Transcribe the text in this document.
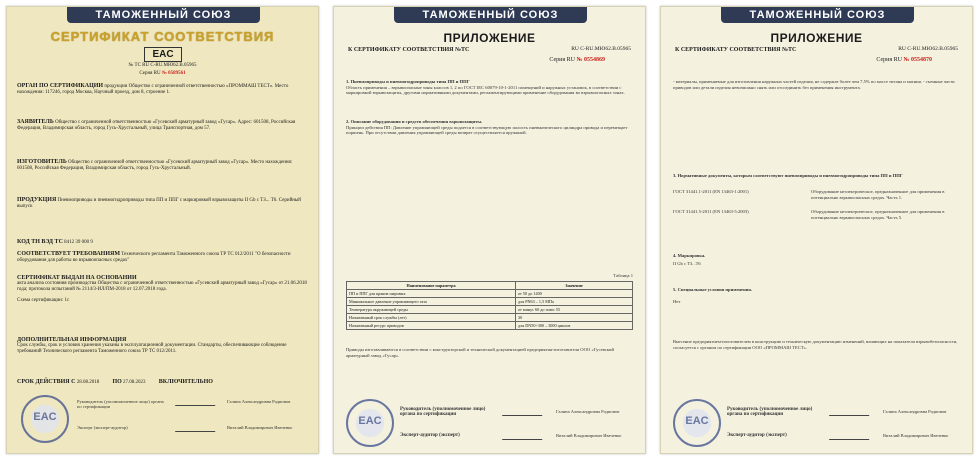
ТАМОЖЕННЫЙ СОЮЗ
СЕРТИФИКАТ СООТВЕТСТВИЯ
EAC
№ ТС RU С-RU.МЮ62.В.05965
Серия RU № 0589561
ОРГАН ПО СЕРТИФИКАЦИИ продукции Общество с ограниченной ответственностью «ПРОММАШ ТЕСТ». Место нахождения: 117246, город Москва, Научный проезд, дом 8, строение 1.
ЗАЯВИТЕЛЬ Общество с ограниченной ответственностью «Гусевский арматурный завод «Гусар». Адрес: 601508, Российская Федерация, Владимирская область, город Гусь-Хрустальный, улица Транспортная, дом 57.
ИЗГОТОВИТЕЛЬ Общество с ограниченной ответственностью «Гусевский арматурный завод «Гусар». Место нахождения: 601508, Российская Федерация, Владимирская область, город Гусь-Хрустальный.
ПРОДУКЦИЯ Пневмоприводы и пневмогидроприводы типа ПП и ППГ с маркировкой взрывозащиты II Gb с ТЗ... Т6. Серийный выпуск
КОД ТН ВЭД ТС 8412 39 000 9
СООТВЕТСТВУЕТ ТРЕБОВАНИЯМ Технического регламента Таможенного союза ТР ТС 012/2011 "О безопасности оборудования для работы во взрывоопасных средах"
СЕРТИФИКАТ ВЫДАН НА ОСНОВАНИИ
акта анализа состояния производства Общества с ограниченной ответственностью «Гусевский арматурный завод «Гусар» от 21.06.2018 года; протокола испытаний № 2114/3-ИЛ/ПМ-2018 от 12.07.2018 года.
Схема сертификации: 1с
ДОПОЛНИТЕЛЬНАЯ ИНФОРМАЦИЯ
Срок службы, срок и условия хранения указаны в эксплуатационной документации. Стандарты, обеспечивающие соблюдение требований Технического регламента Таможенного союза ТР ТС 012/2011.
СРОК ДЕЙСТВИЯ С 28.08.2018 ПО 27.08.2023 ВКЛЮЧИТЕЛЬНО
EAC
Руководитель (уполномоченное лицо) органа по сертификации
Галина Александровна Родионов
Эксперт (эксперт-аудитор)	Виталий Владимирович Ивеченко
ТАМОЖЕННЫЙ СОЮЗ
ПРИЛОЖЕНИЕ
К СЕРТИФИКАТУ СООТВЕТСТВИЯ №ТС	RU С-RU.МЮ62.В.05965
Серия RU № 0554869
1. Пневмоприводы и пневмогидроприводы типа ПП и ППГ
Область применения – взрывоопасные зоны классов 1, 2 по ГОСТ IEC 60079-10-1-2011 помещений и наружных установок, в соответствии с маркировкой взрывозащиты, другими нормативными документами, регламентирующими применение оборудования во взрывоопасных зонах.
2. Описание оборудования и средств обеспечения взрывозащиты.
Принцип действия ПП: Давление управляющей среды подается в соответствующую полость пневматического цилиндра привода и перемещает поршень. При отсутствии давления управляющей среды возврат осуществляется пружиной.
Таблица 1
Наименование параметра	Значение
ПП и ППГ для кранов шаровых	от 50 до 1400
Минимальное давление управляющего газа	для PN63 – 1,5 МПа
Температура окружающей среды	от минус 60 до плюс 55
Назначенный срок службы (лет)	30
Назначенный ресурс приводов	для DN50÷300 – 3000 циклов
Приводы изготавливаются в соответствии с конструкторской и технической документацией предприятия-изготовителя ООО «Гусевский арматурный завод «Гусар».
EAC
Руководитель (уполномоченное лицо) органа по сертификации
Галина Александровна Родионов
Эксперт-аудитор (эксперт)	Виталий Владимирович Ивеченко
ТАМОЖЕННЫЙ СОЮЗ
ПРИЛОЖЕНИЕ
К СЕРТИФИКАТУ СООТВЕТСТВИЯ №ТС	RU С-RU.МЮ62.В.05965
Серия RU № 0554870
- материалы, применяемые для изготовления наружных частей изделия, не содержат более чем 7,5% по массе титана и магния. - съемные части приводов или детали изделия невозможно снять или отсоединить без применения инструмента.
3. Нормативные документы, которым соответствуют пневмоприводы и пневмогидроприводы типа ПП и ППГ
ГОСТ 31441.1-2011 (EN 13463-1:2001)	Оборудование неэлектрическое, предназначенное для применения в потенциально взрывоопасных средах. Часть 1.
ГОСТ 31441.5-2011 (EN 13463-5:2003)	Оборудование неэлектрическое, предназначенное для применения в потенциально взрывоопасных средах. Часть 5.
4. Маркировка.
II Gb c T3...T6
5. Специальные условия применения.
Нет
Внесение предприятием-изготовителем в конструкцию и техническую документацию изменений, влияющих на показатели взрывобезопасности, согласуется с органом по сертификации ООО «ПРОММАШ ТЕСТ».
EAC
Руководитель (уполномоченное лицо) органа по сертификации
Галина Александровна Родионов
Эксперт-аудитор (эксперт)	Виталий Владимирович Ивеченко
